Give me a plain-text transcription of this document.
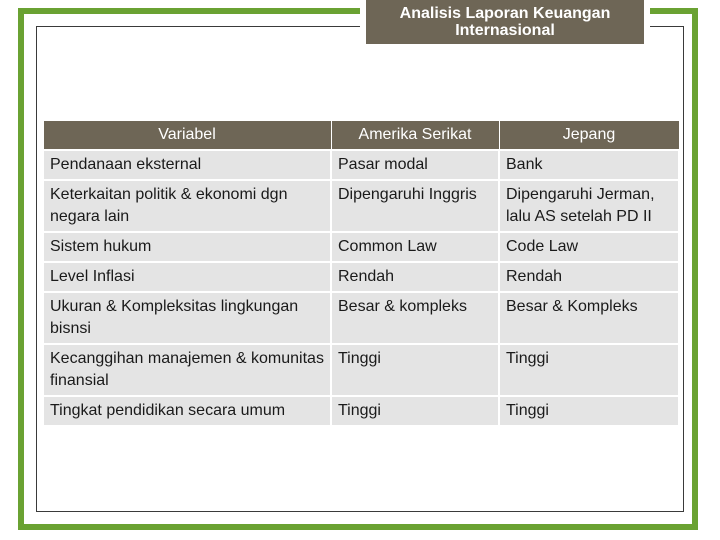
Analisis Laporan Keuangan
Internasional
Variabel	Amerika Serikat	Jepang
Pendanaan eksternal	Pasar modal	Bank
Keterkaitan politik & ekonomi dgn negara lain	Dipengaruhi Inggris	Dipengaruhi Jerman, lalu AS setelah PD II
Sistem hukum	Common Law	Code Law
Level Inflasi	Rendah	Rendah
Ukuran & Kompleksitas lingkungan bisnsi	Besar & kompleks	Besar & Kompleks
Kecanggihan manajemen & komunitas finansial	Tinggi	Tinggi
Tingkat pendidikan secara umum	Tinggi	Tinggi
